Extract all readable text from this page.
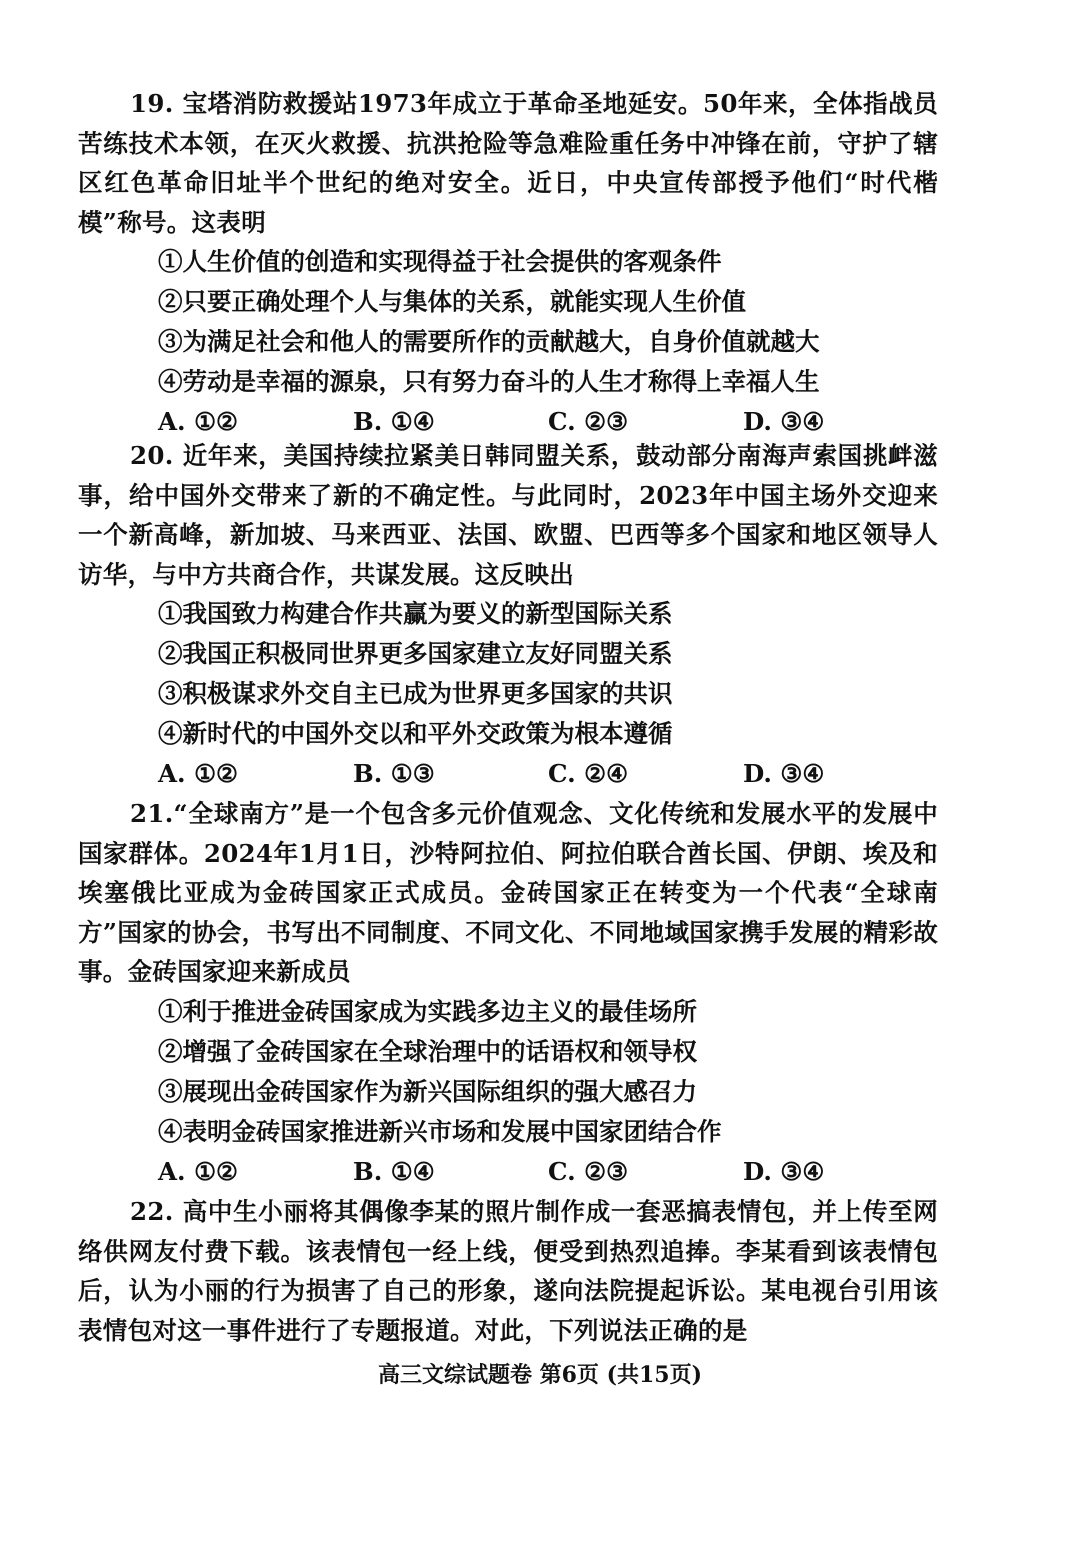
19. 宝塔消防救援站1973年成立于革命圣地延安。50年来，全体指战员苦练技术本领，在灭火救援、抗洪抢险等急难险重任务中冲锋在前，守护了辖区红色革命旧址半个世纪的绝对安全。近日，中央宣传部授予他们“时代楷模”称号。这表明
①人生价值的创造和实现得益于社会提供的客观条件
②只要正确处理个人与集体的关系，就能实现人生价值
③为满足社会和他人的需要所作的贡献越大，自身价值就越大
④劳动是幸福的源泉，只有努力奋斗的人生才称得上幸福人生
A. ①②	B. ①④	C. ②③	D. ③④
20. 近年来，美国持续拉紧美日韩同盟关系，鼓动部分南海声索国挑衅滋事，给中国外交带来了新的不确定性。与此同时，2023年中国主场外交迎来一个新高峰，新加坡、马来西亚、法国、欧盟、巴西等多个国家和地区领导人访华，与中方共商合作，共谋发展。这反映出
①我国致力构建合作共赢为要义的新型国际关系
②我国正积极同世界更多国家建立友好同盟关系
③积极谋求外交自主已成为世界更多国家的共识
④新时代的中国外交以和平外交政策为根本遵循
A. ①②	B. ①③	C. ②④	D. ③④
21.“全球南方”是一个包含多元价值观念、文化传统和发展水平的发展中国家群体。2024年1月1日，沙特阿拉伯、阿拉伯联合酋长国、伊朗、埃及和埃塞俄比亚成为金砖国家正式成员。金砖国家正在转变为一个代表“全球南方”国家的协会，书写出不同制度、不同文化、不同地域国家携手发展的精彩故事。金砖国家迎来新成员
①利于推进金砖国家成为实践多边主义的最佳场所
②增强了金砖国家在全球治理中的话语权和领导权
③展现出金砖国家作为新兴国际组织的强大感召力
④表明金砖国家推进新兴市场和发展中国家团结合作
A. ①②	B. ①④	C. ②③	D. ③④
22. 高中生小丽将其偶像李某的照片制作成一套恶搞表情包，并上传至网络供网友付费下载。该表情包一经上线，便受到热烈追捧。李某看到该表情包后，认为小丽的行为损害了自己的形象，遂向法院提起诉讼。某电视台引用该表情包对这一事件进行了专题报道。对此，下列说法正确的是
高三文综试题卷 第6页 (共15页)
